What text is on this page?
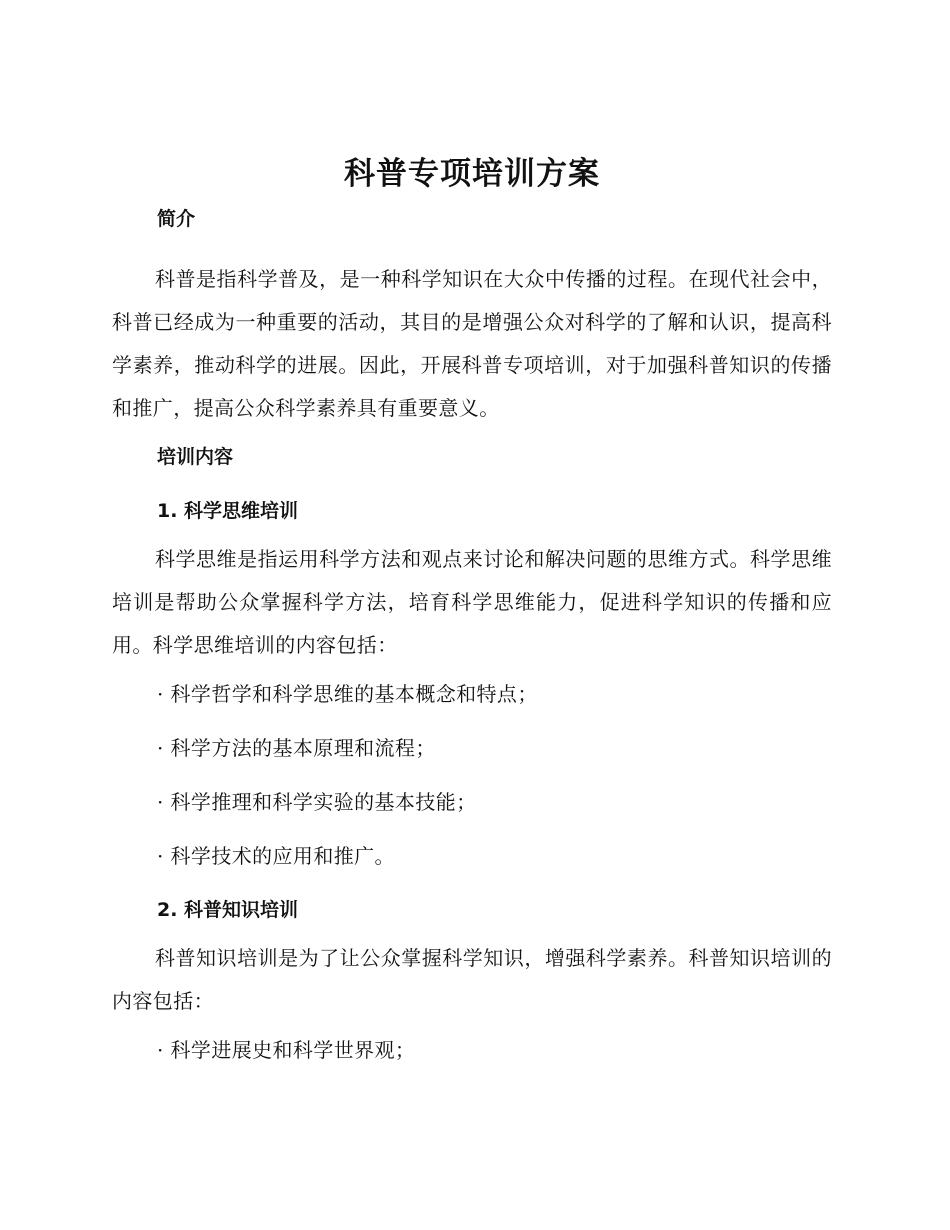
科普专项培训方案
简介

科普是指科学普及，是一种科学知识在大众中传播的过程。在现代社会中，科普已经成为一种重要的活动，其目的是增强公众对科学的了解和认识，提高科学素养，推动科学的进展。因此，开展科普专项培训，对于加强科普知识的传播和推广，提高公众科学素养具有重要意义。

培训内容
1. 科学思维培训

科学思维是指运用科学方法和观点来讨论和解决问题的思维方式。科学思维培训是帮助公众掌握科学方法，培育科学思维能力，促进科学知识的传播和应用。科学思维培训的内容包括：

· 科学哲学和科学思维的基本概念和特点；

· 科学方法的基本原理和流程；

· 科学推理和科学实验的基本技能；

· 科学技术的应用和推广。

2. 科普知识培训

科普知识培训是为了让公众掌握科学知识，增强科学素养。科普知识培训的内容包括：

· 科学进展史和科学世界观；
